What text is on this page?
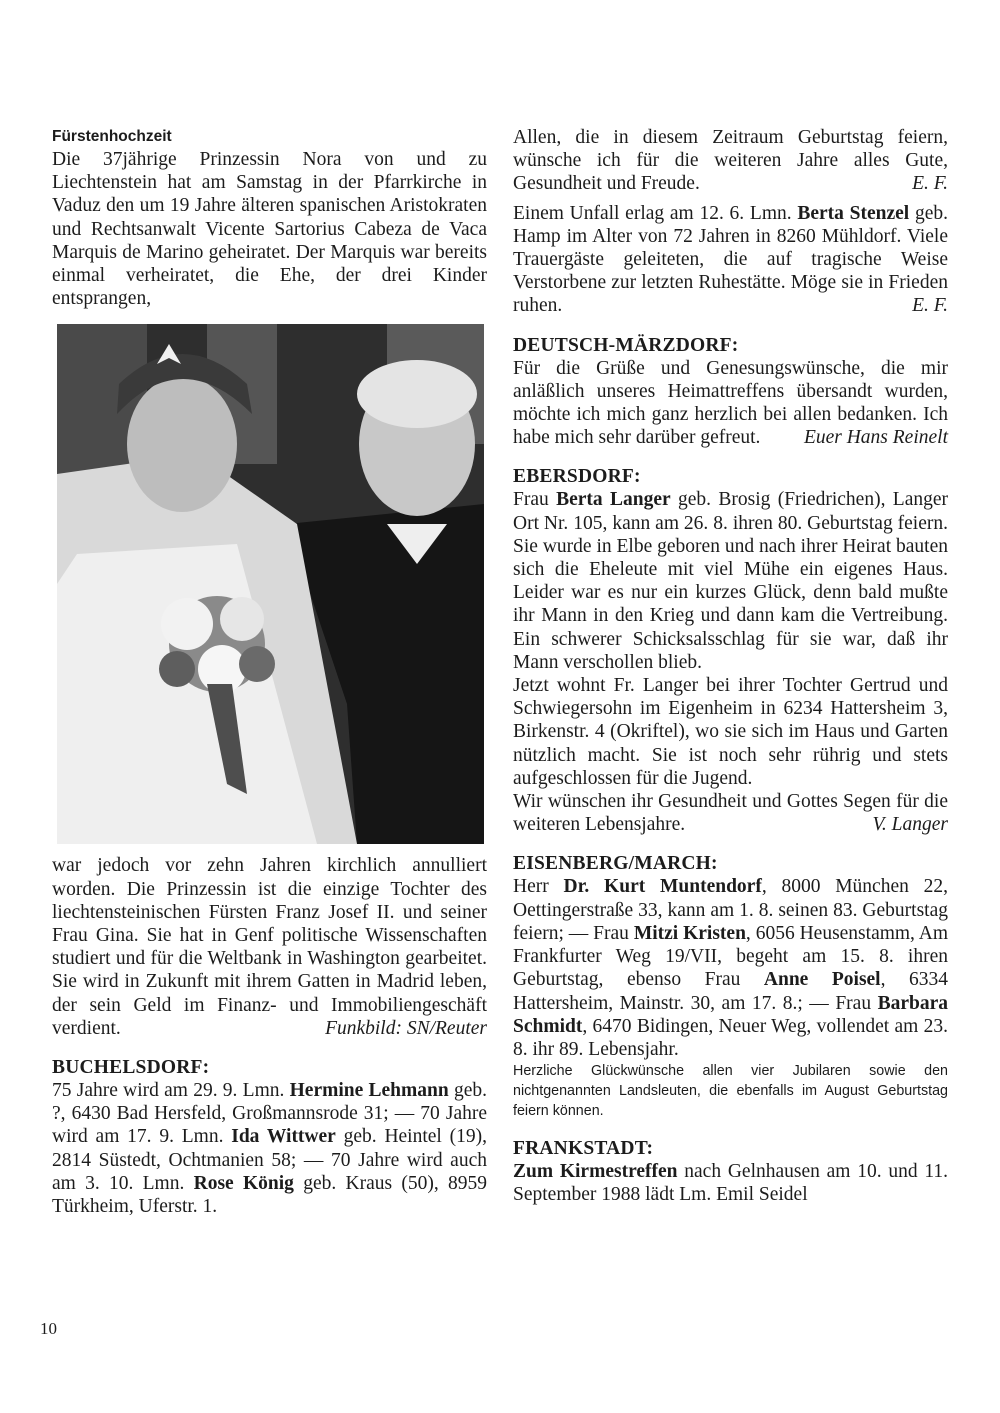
Fürstenhochzeit

Die 37jährige Prinzessin Nora von und zu Liechtenstein hat am Samstag in der Pfarrkirche in Vaduz den um 19 Jahre älteren spanischen Aristokraten und Rechtsanwalt Vicente Sartorius Cabeza de Vaca Marquis de Marino geheiratet. Der Marquis war bereits einmal verheiratet, die Ehe, der drei Kinder entsprangen,

war jedoch vor zehn Jahren kirchlich annulliert worden. Die Prinzessin ist die einzige Tochter des liechtensteinischen Fürsten Franz Josef II. und seiner Frau Gina. Sie hat in Genf politische Wissenschaften studiert und für die Weltbank in Washington gearbeitet. Sie wird in Zukunft mit ihrem Gatten in Madrid leben, der sein Geld im Finanz- und Immobiliengeschäft verdient.	Funkbild: SN/Reuter

BUCHELSDORF:

75 Jahre wird am 29. 9. Lmn. Hermine Lehmann geb. ?, 6430 Bad Hersfeld, Großmannsrode 31; — 70 Jahre wird am 17. 9. Lmn. Ida Wittwer geb. Heintel (19), 2814 Süstedt, Ochtmanien 58; — 70 Jahre wird auch am 3. 10. Lmn. Rose König geb. Kraus (50), 8959 Türkheim, Uferstr. 1.

Allen, die in diesem Zeitraum Geburtstag feiern, wünsche ich für die weiteren Jahre alles Gute, Gesundheit und Freude.	E. F.

Einem Unfall erlag am 12. 6. Lmn. Berta Stenzel geb. Hamp im Alter von 72 Jahren in 8260 Mühldorf. Viele Trauergäste geleiteten, die auf tragische Weise Verstorbene zur letzten Ruhestätte. Möge sie in Frieden ruhen.	E. F.

DEUTSCH-MÄRZDORF:

Für die Grüße und Genesungswünsche, die mir anläßlich unseres Heimattreffens übersandt wurden, möchte ich mich ganz herzlich bei allen bedanken. Ich habe mich sehr darüber gefreut. Euer Hans Reinelt

EBERSDORF:

Frau Berta Langer geb. Brosig (Friedrichen), Langer Ort Nr. 105, kann am 26. 8. ihren 80. Geburtstag feiern. Sie wurde in Elbe geboren und nach ihrer Heirat bauten sich die Eheleute mit viel Mühe ein eigenes Haus. Leider war es nur ein kurzes Glück, denn bald mußte ihr Mann in den Krieg und dann kam die Vertreibung. Ein schwerer Schicksalsschlag für sie war, daß ihr Mann verschollen blieb.

Jetzt wohnt Fr. Langer bei ihrer Tochter Gertrud und Schwiegersohn im Eigenheim in 6234 Hattersheim 3, Birkenstr. 4 (Okriftel), wo sie sich im Haus und Garten nützlich macht. Sie ist noch sehr rührig und stets aufgeschlossen für die Jugend.

Wir wünschen ihr Gesundheit und Gottes Segen für die weiteren Lebensjahre.	V. Langer

EISENBERG/MARCH:

Herr Dr. Kurt Muntendorf, 8000 München 22, Oettingerstraße 33, kann am 1. 8. seinen 83. Geburtstag feiern; — Frau Mitzi Kristen, 6056 Heusenstamm, Am Frankfurter Weg 19/VII, begeht am 15. 8. ihren Geburtstag, ebenso Frau Anne Poisel, 6334 Hattersheim, Mainstr. 30, am 17. 8.; — Frau Barbara Schmidt, 6470 Bidingen, Neuer Weg, vollendet am 23. 8. ihr 89. Lebensjahr.

Herzliche Glückwünsche allen vier Jubilaren sowie den nichtgenannten Landsleuten, die ebenfalls im August Geburtstag feiern können.

FRANKSTADT:

Zum Kirmestreffen nach Gelnhausen am 10. und 11. September 1988 lädt Lm. Emil Seidel

10
